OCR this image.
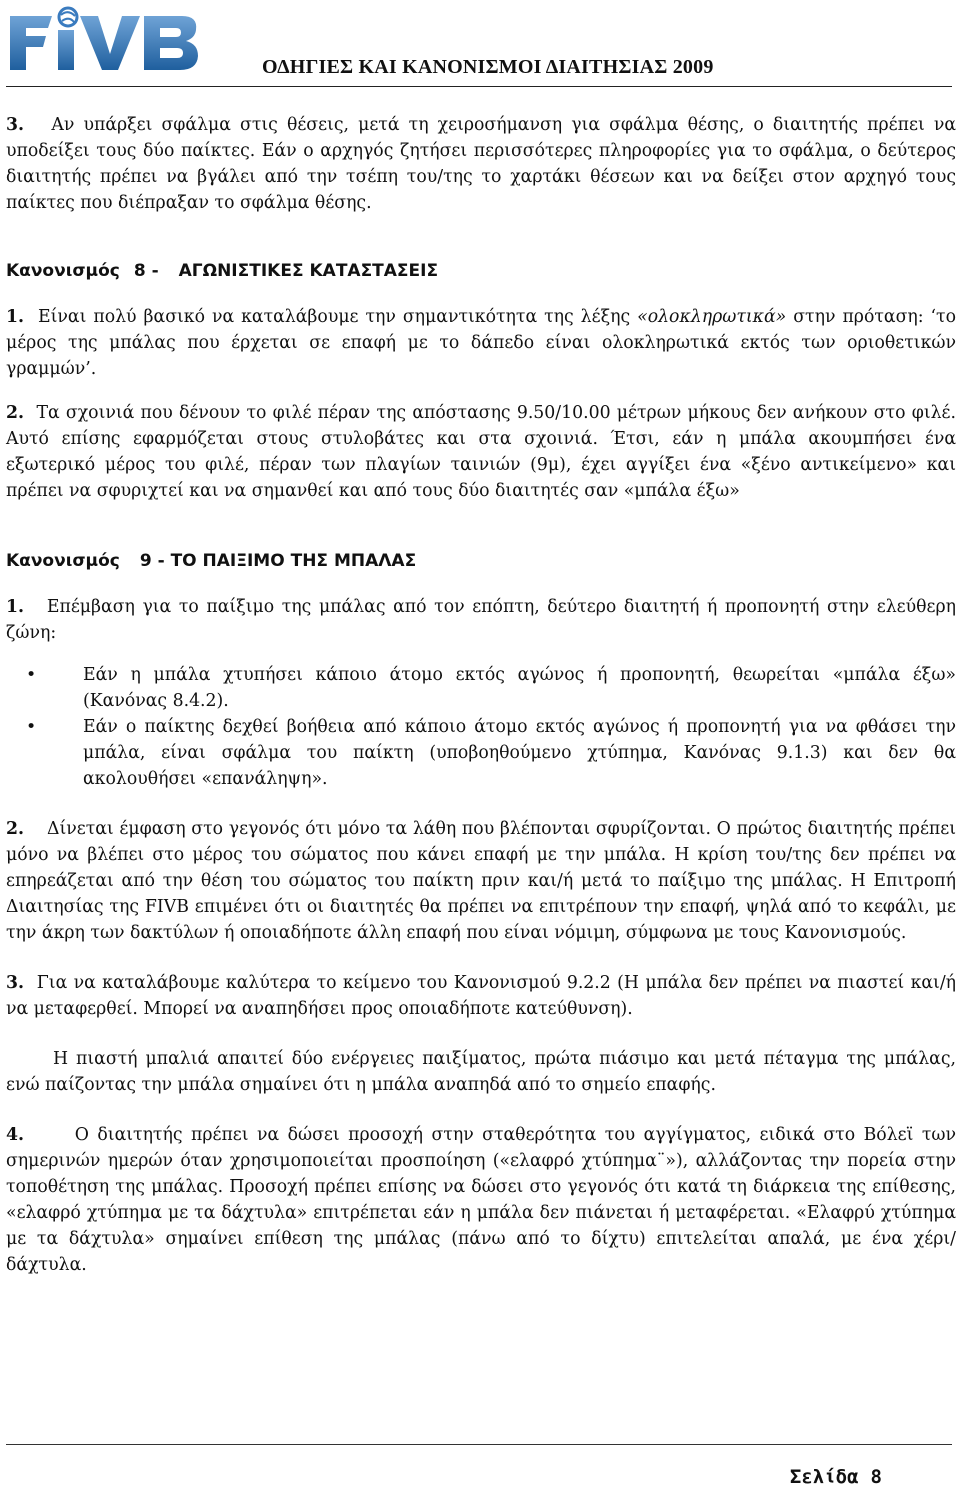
ΟΔΗΓΙΕΣ ΚΑΙ ΚΑΝΟΝΙΣΜΟΙ ΔΙΑΙΤΗΣΙΑΣ 2009

3. Αν υπάρξει σφάλμα στις θέσεις, μετά τη χειροσήμανση για σφάλμα θέσης, ο διαιτητής πρέπει να υποδείξει τους δύο παίκτες. Εάν ο αρχηγός ζητήσει περισσότερες πληροφορίες για το σφάλμα, ο δεύτερος διαιτητής πρέπει να βγάλει από την τσέπη του/της το χαρτάκι θέσεων και να δείξει στον αρχηγό τους παίκτες που διέπραξαν το σφάλμα θέσης.

Κανονισμός 8 - ΑΓΩΝΙΣΤΙΚΕΣ ΚΑΤΑΣΤΑΣΕΙΣ

1. Είναι πολύ βασικό να καταλάβουμε την σημαντικότητα της λέξης «ολοκληρωτικά» στην πρόταση: ‘το μέρος της μπάλας που έρχεται σε επαφή με το δάπεδο είναι ολοκληρωτικά εκτός των οριοθετικών γραμμών’.

2. Τα σχοινιά που δένουν το φιλέ πέραν της απόστασης 9.50/10.00 μέτρων μήκους δεν ανήκουν στο φιλέ. Αυτό επίσης εφαρμόζεται στους στυλοβάτες και στα σχοινιά. Έτσι, εάν η μπάλα ακουμπήσει ένα εξωτερικό μέρος του φιλέ, πέραν των πλαγίων ταινιών (9μ), έχει αγγίξει ένα «ξένο αντικείμενο» και πρέπει να σφυριχτεί και να σημανθεί και από τους δύο διαιτητές σαν «μπάλα έξω»

Κανονισμός 9 - ΤΟ ΠΑΙΞΙΜΟ ΤΗΣ ΜΠΑΛΑΣ

1. Επέμβαση για το παίξιμο της μπάλας από τον επόπτη, δεύτερο διαιτητή ή προπονητή στην ελεύθερη ζώνη:

•	Εάν η μπάλα χτυπήσει κάποιο άτομο εκτός αγώνος ή προπονητή, θεωρείται «μπάλα έξω» (Κανόνας 8.4.2).
•	Εάν ο παίκτης δεχθεί βοήθεια από κάποιο άτομο εκτός αγώνος ή προπονητή για να φθάσει την μπάλα, είναι σφάλμα του παίκτη (υποβοηθούμενο χτύπημα, Κανόνας 9.1.3) και δεν θα ακολουθήσει «επανάληψη».

2. Δίνεται έμφαση στο γεγονός ότι μόνο τα λάθη που βλέπονται σφυρίζονται. Ο πρώτος διαιτητής πρέπει μόνο να βλέπει στο μέρος του σώματος που κάνει επαφή με την μπάλα. Η κρίση του/της δεν πρέπει να επηρεάζεται από την θέση του σώματος του παίκτη πριν και/ή μετά το παίξιμο της μπάλας. Η Επιτροπή Διαιτησίας της FIVB επιμένει ότι οι διαιτητές θα πρέπει να επιτρέπουν την επαφή, ψηλά από το κεφάλι, με την άκρη των δακτύλων ή οποιαδήποτε άλλη επαφή που είναι νόμιμη, σύμφωνα με τους Κανονισμούς.

3. Για να καταλάβουμε καλύτερα το κείμενο του Κανονισμού 9.2.2 (Η μπάλα δεν πρέπει να πιαστεί και/ή να μεταφερθεί. Μπορεί να αναπηδήσει προς οποιαδήποτε κατεύθυνση).

Η πιαστή μπαλιά απαιτεί δύο ενέργειες παιξίματος, πρώτα πιάσιμο και μετά πέταγμα της μπάλας, ενώ παίζοντας την μπάλα σημαίνει ότι η μπάλα αναπηδά από το σημείο επαφής.

4.	Ο διαιτητής πρέπει να δώσει προσοχή στην σταθερότητα του αγγίγματος, ειδικά στο Βόλεϊ των σημερινών ημερών όταν χρησιμοποιείται προσποίηση («ελαφρό χτύπημα¨»), αλλάζοντας την πορεία στην τοποθέτηση της μπάλας. Προσοχή πρέπει επίσης να δώσει στο γεγονός ότι κατά τη διάρκεια της επίθεσης, «ελαφρό χτύπημα με τα δάχτυλα» επιτρέπεται εάν η μπάλα δεν πιάνεται ή μεταφέρεται. «Ελαφρύ χτύπημα με τα δάχτυλα» σημαίνει επίθεση της μπάλας (πάνω από το δίχτυ) επιτελείται απαλά, με ένα χέρι/δάχτυλα.

Σελίδα 8
